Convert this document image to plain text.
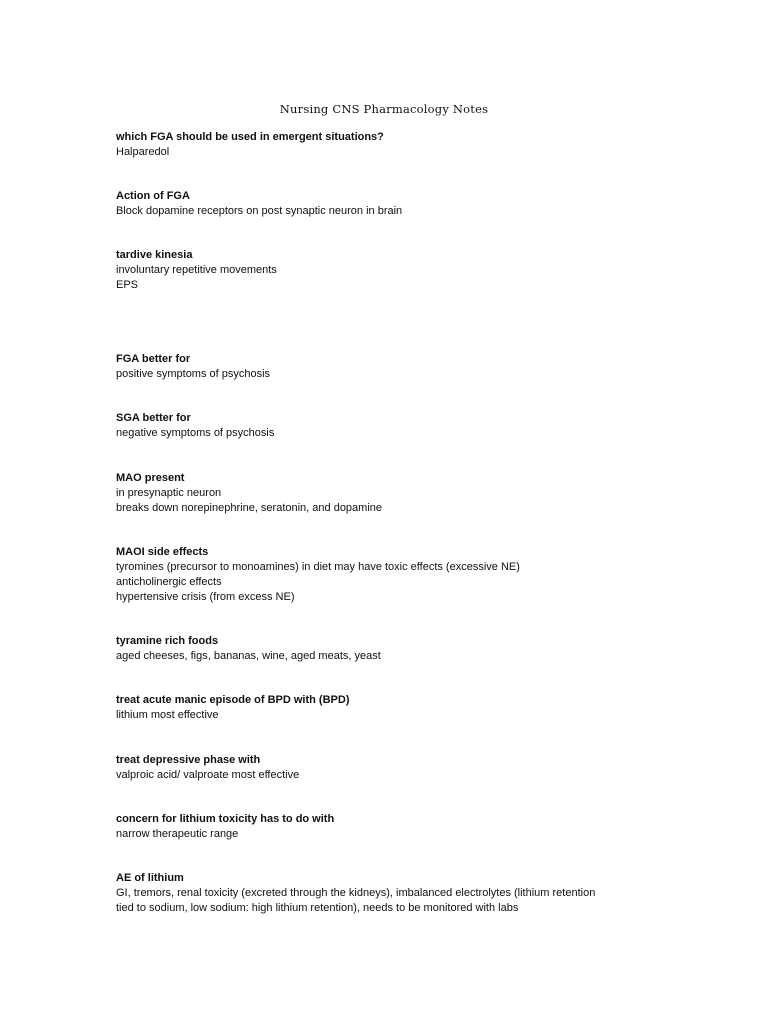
Nursing CNS Pharmacology Notes
which FGA should be used in emergent situations?
Halparedol
Action of FGA
Block dopamine receptors on post synaptic neuron in brain
tardive kinesia
involuntary repetitive movements
EPS
FGA better for
positive symptoms of psychosis
SGA better for
negative symptoms of psychosis
MAO present
in presynaptic neuron
breaks down norepinephrine, seratonin, and dopamine
MAOI side effects
tyromines (precursor to monoamines) in diet may have toxic effects (excessive NE)
anticholinergic effects
hypertensive crisis (from excess NE)
tyramine rich foods
aged cheeses, figs, bananas, wine, aged meats, yeast
treat acute manic episode of BPD with (BPD)
lithium most effective
treat depressive phase with
valproic acid/ valproate most effective
concern for lithium toxicity has to do with
narrow therapeutic range
AE of lithium
GI, tremors, renal toxicity (excreted through the kidneys), imbalanced electrolytes (lithium retention
tied to sodium, low sodium: high lithium retention), needs to be monitored with labs
